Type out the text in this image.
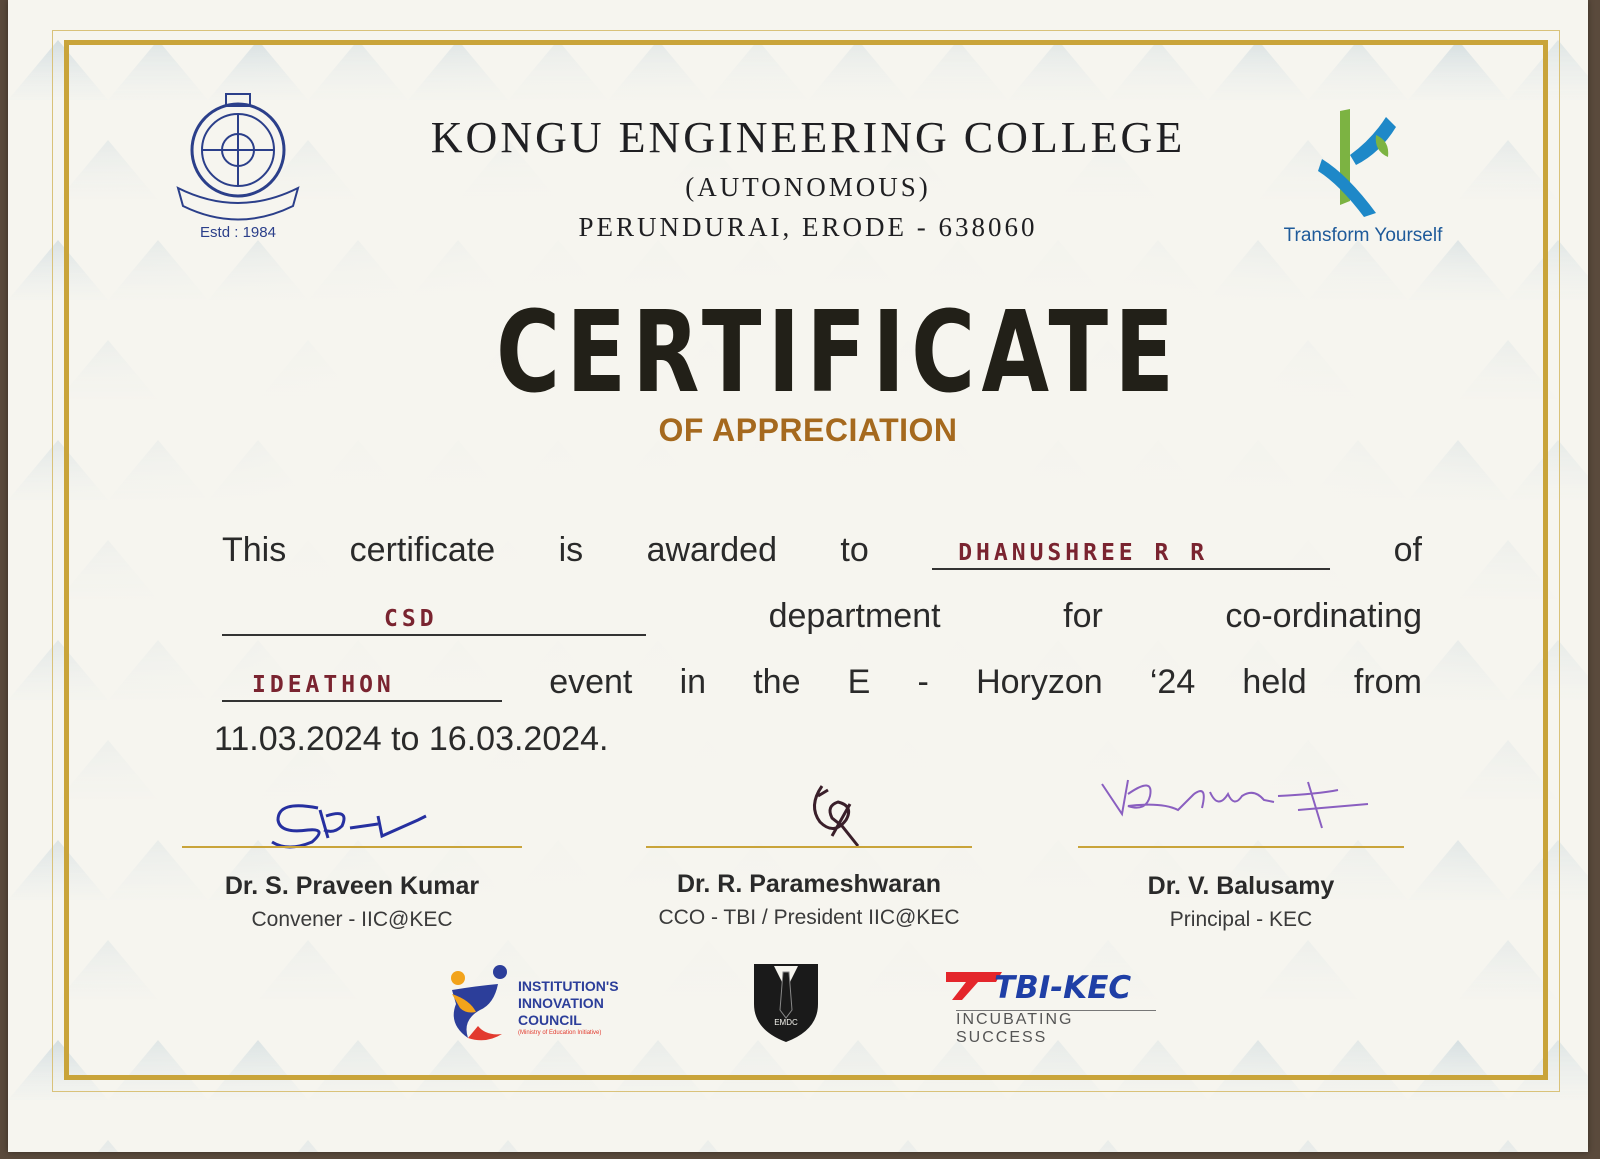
Estd : 1984
KONGU ENGINEERING COLLEGE
(AUTONOMOUS)
PERUNDURAI, ERODE - 638060	Transform Yourself
CERTIFICATE
OF APPRECIATION
This certificate is awarded to	DHANUSHREE R R	of
CSD	department	for	co-ordinating
IDEATHON	event in the E - Horyzon ‘24 held from
11.03.2024 to 16.03.2024.
Dr. S. Praveen Kumar
Convener - IIC@KEC
Dr. R. Parameshwaran
CCO - TBI / President IIC@KEC
Dr. V. Balusamy
Principal - KEC
INSTITUTION'S
INNOVATION
COUNCIL
(Ministry of Education Initiative)
EMDC
TBI-KEC
INCUBATING SUCCESS
